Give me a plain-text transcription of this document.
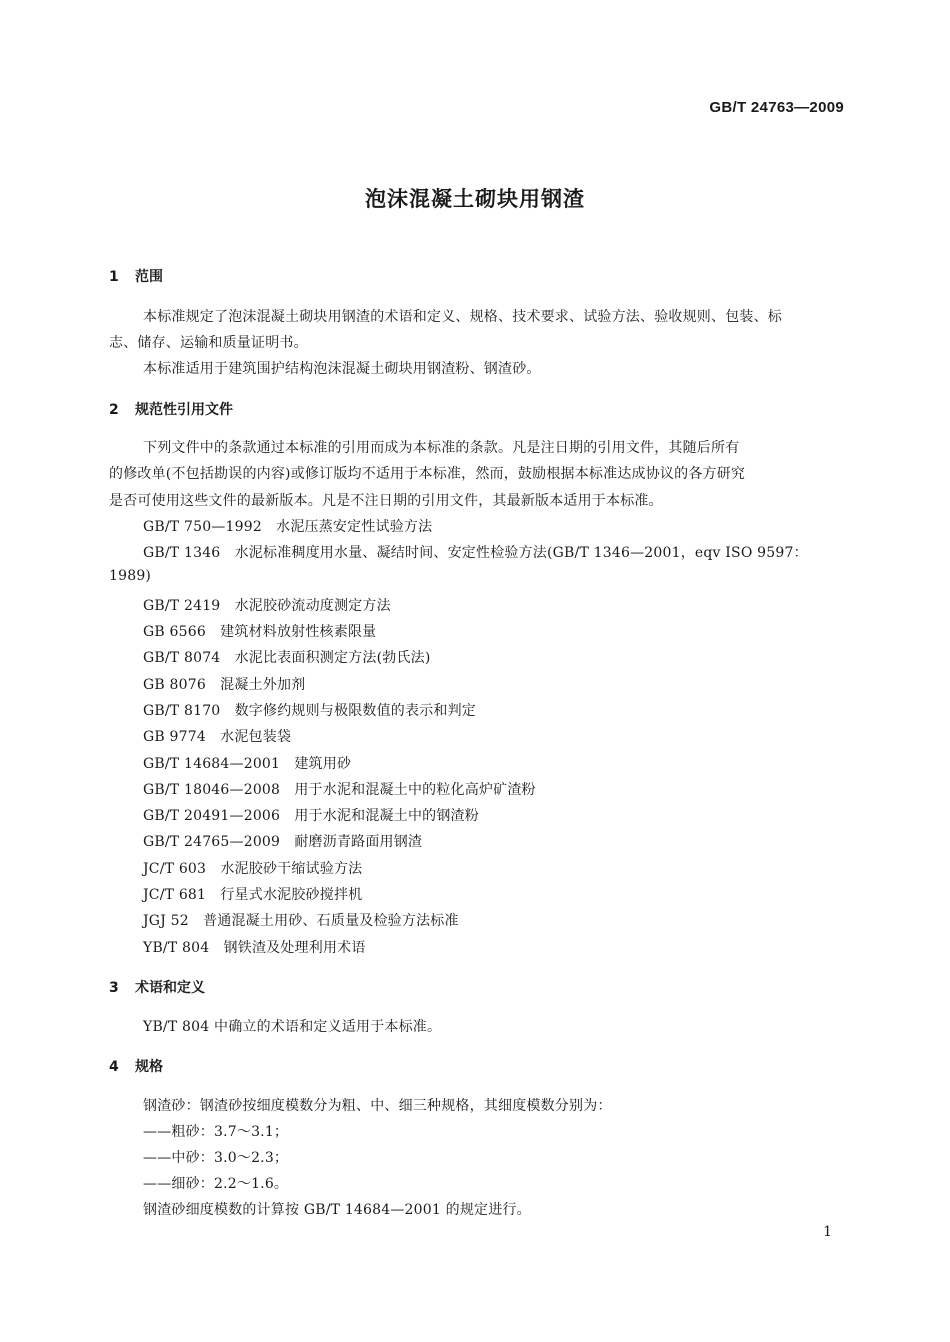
GB/T 24763—2009
泡沫混凝土砌块用钢渣
1 范围
本标准规定了泡沫混凝土砌块用钢渣的术语和定义、规格、技术要求、试验方法、验收规则、包装、标
志、储存、运输和质量证明书。
本标准适用于建筑围护结构泡沫混凝土砌块用钢渣粉、钢渣砂。
2 规范性引用文件
下列文件中的条款通过本标准的引用而成为本标准的条款。凡是注日期的引用文件，其随后所有
的修改单(不包括勘误的内容)或修订版均不适用于本标准，然而，鼓励根据本标准达成协议的各方研究
是否可使用这些文件的最新版本。凡是不注日期的引用文件，其最新版本适用于本标准。
GB/T 750—1992　水泥压蒸安定性试验方法
GB/T 1346　水泥标准稠度用水量、凝结时间、安定性检验方法(GB/T 1346—2001，eqv ISO 9597：
1989)
GB/T 2419　水泥胶砂流动度测定方法
GB 6566　建筑材料放射性核素限量
GB/T 8074　水泥比表面积测定方法(勃氏法)
GB 8076　混凝土外加剂
GB/T 8170　数字修约规则与极限数值的表示和判定
GB 9774　水泥包装袋
GB/T 14684—2001　建筑用砂
GB/T 18046—2008　用于水泥和混凝土中的粒化高炉矿渣粉
GB/T 20491—2006　用于水泥和混凝土中的钢渣粉
GB/T 24765—2009　耐磨沥青路面用钢渣
JC/T 603　水泥胶砂干缩试验方法
JC/T 681　行星式水泥胶砂搅拌机
JGJ 52　普通混凝土用砂、石质量及检验方法标准
YB/T 804　钢铁渣及处理利用术语
3 术语和定义
YB/T 804 中确立的术语和定义适用于本标准。
4 规格
钢渣砂：钢渣砂按细度模数分为粗、中、细三种规格，其细度模数分别为：
——粗砂：3.7～3.1；
——中砂：3.0～2.3；
——细砂：2.2～1.6。
钢渣砂细度模数的计算按 GB/T 14684—2001 的规定进行。
1
